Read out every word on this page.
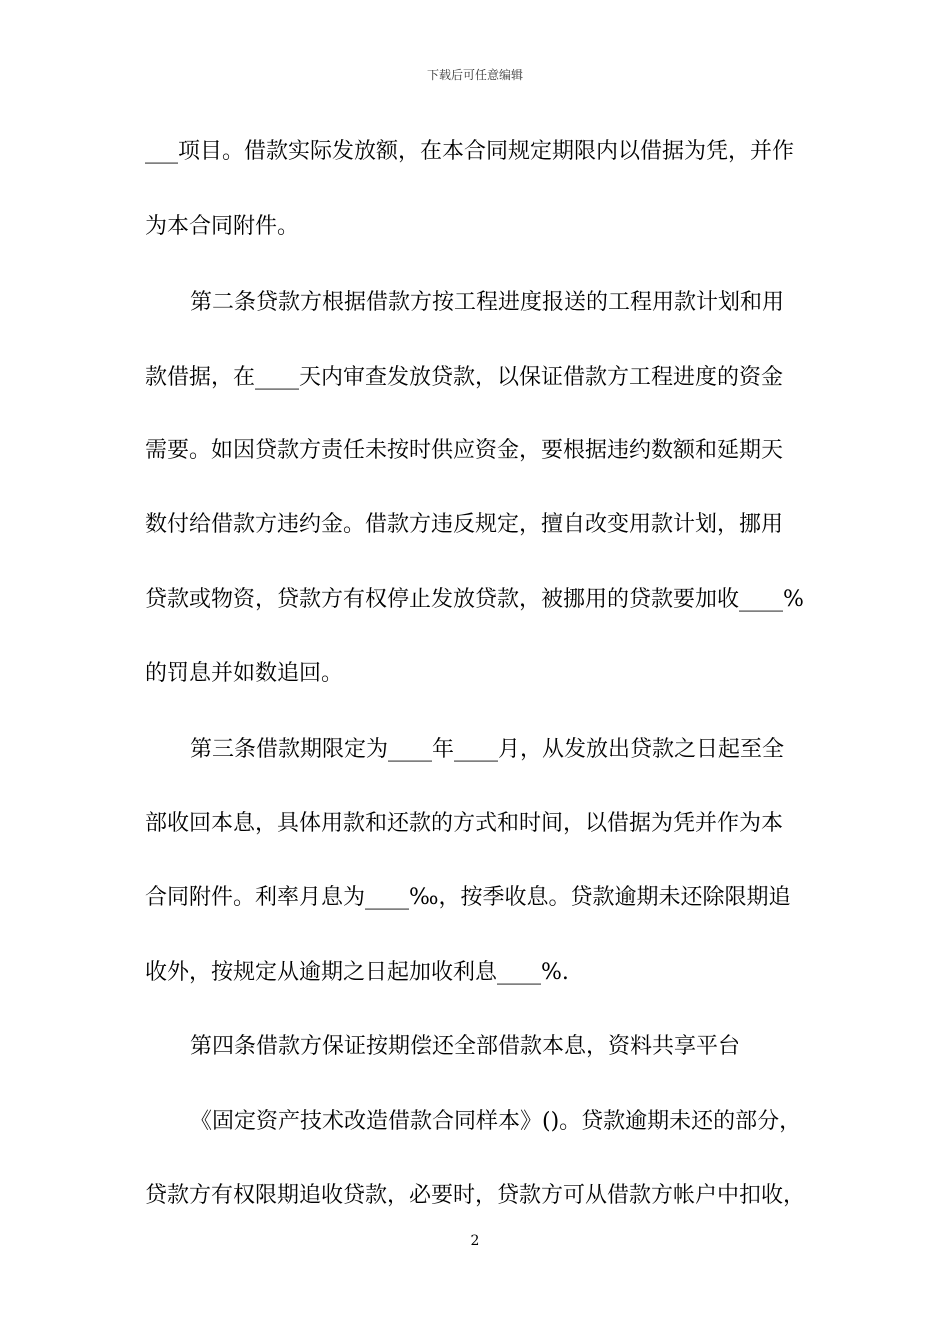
下载后可任意编辑
___项目。借款实际发放额，在本合同规定期限内以借据为凭，并作
为本合同附件。
第二条贷款方根据借款方按工程进度报送的工程用款计划和用
款借据，在____天内审查发放贷款，以保证借款方工程进度的资金
需要。如因贷款方责任未按时供应资金，要根据违约数额和延期天
数付给借款方违约金。借款方违反规定，擅自改变用款计划，挪用
贷款或物资，贷款方有权停止发放贷款，被挪用的贷款要加收____%
的罚息并如数追回。
第三条借款期限定为____年____月，从发放出贷款之日起至全
部收回本息，具体用款和还款的方式和时间，以借据为凭并作为本
合同附件。利率月息为____‰，按季收息。贷款逾期未还除限期追
收外，按规定从逾期之日起加收利息____%.
第四条借款方保证按期偿还全部借款本息，资料共享平台
《固定资产技术改造借款合同样本》()。贷款逾期未还的部分，
贷款方有权限期追收贷款，必要时，贷款方可从借款方帐户中扣收，
2
